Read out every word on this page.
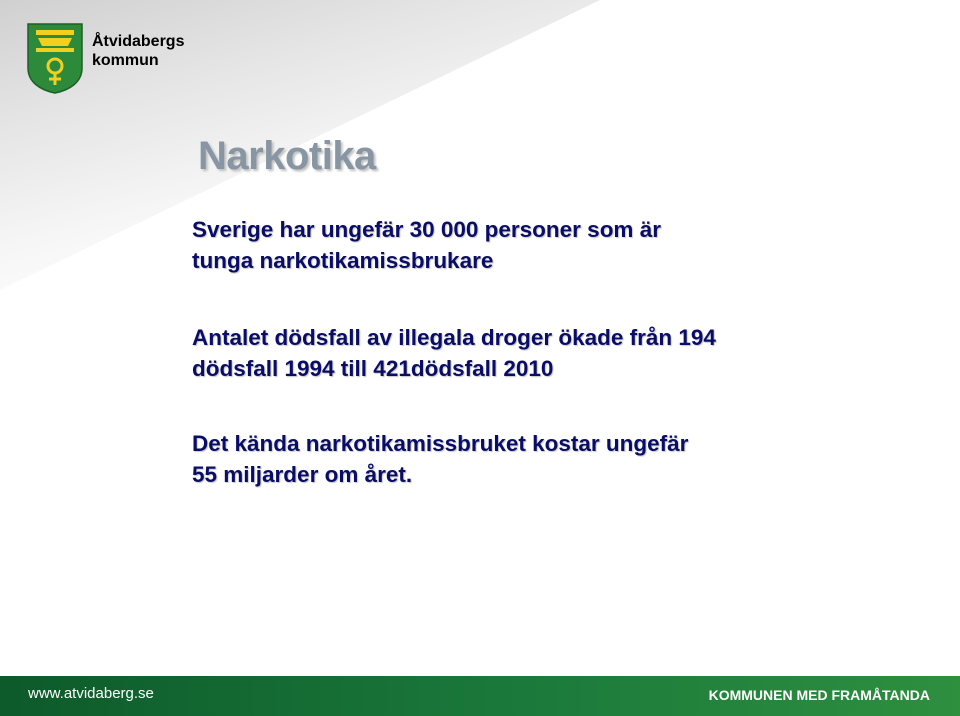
Åtvidabergs
kommun
Narkotika
Sverige har ungefär 30 000 personer som är
tunga narkotikamissbrukare
Antalet dödsfall av illegala droger ökade från 194
dödsfall 1994 till 421dödsfall 2010
Det kända narkotikamissbruket kostar ungefär
55 miljarder om året.
www.atvidaberg.se	KOMMUNEN MED FRAMÅTANDA
